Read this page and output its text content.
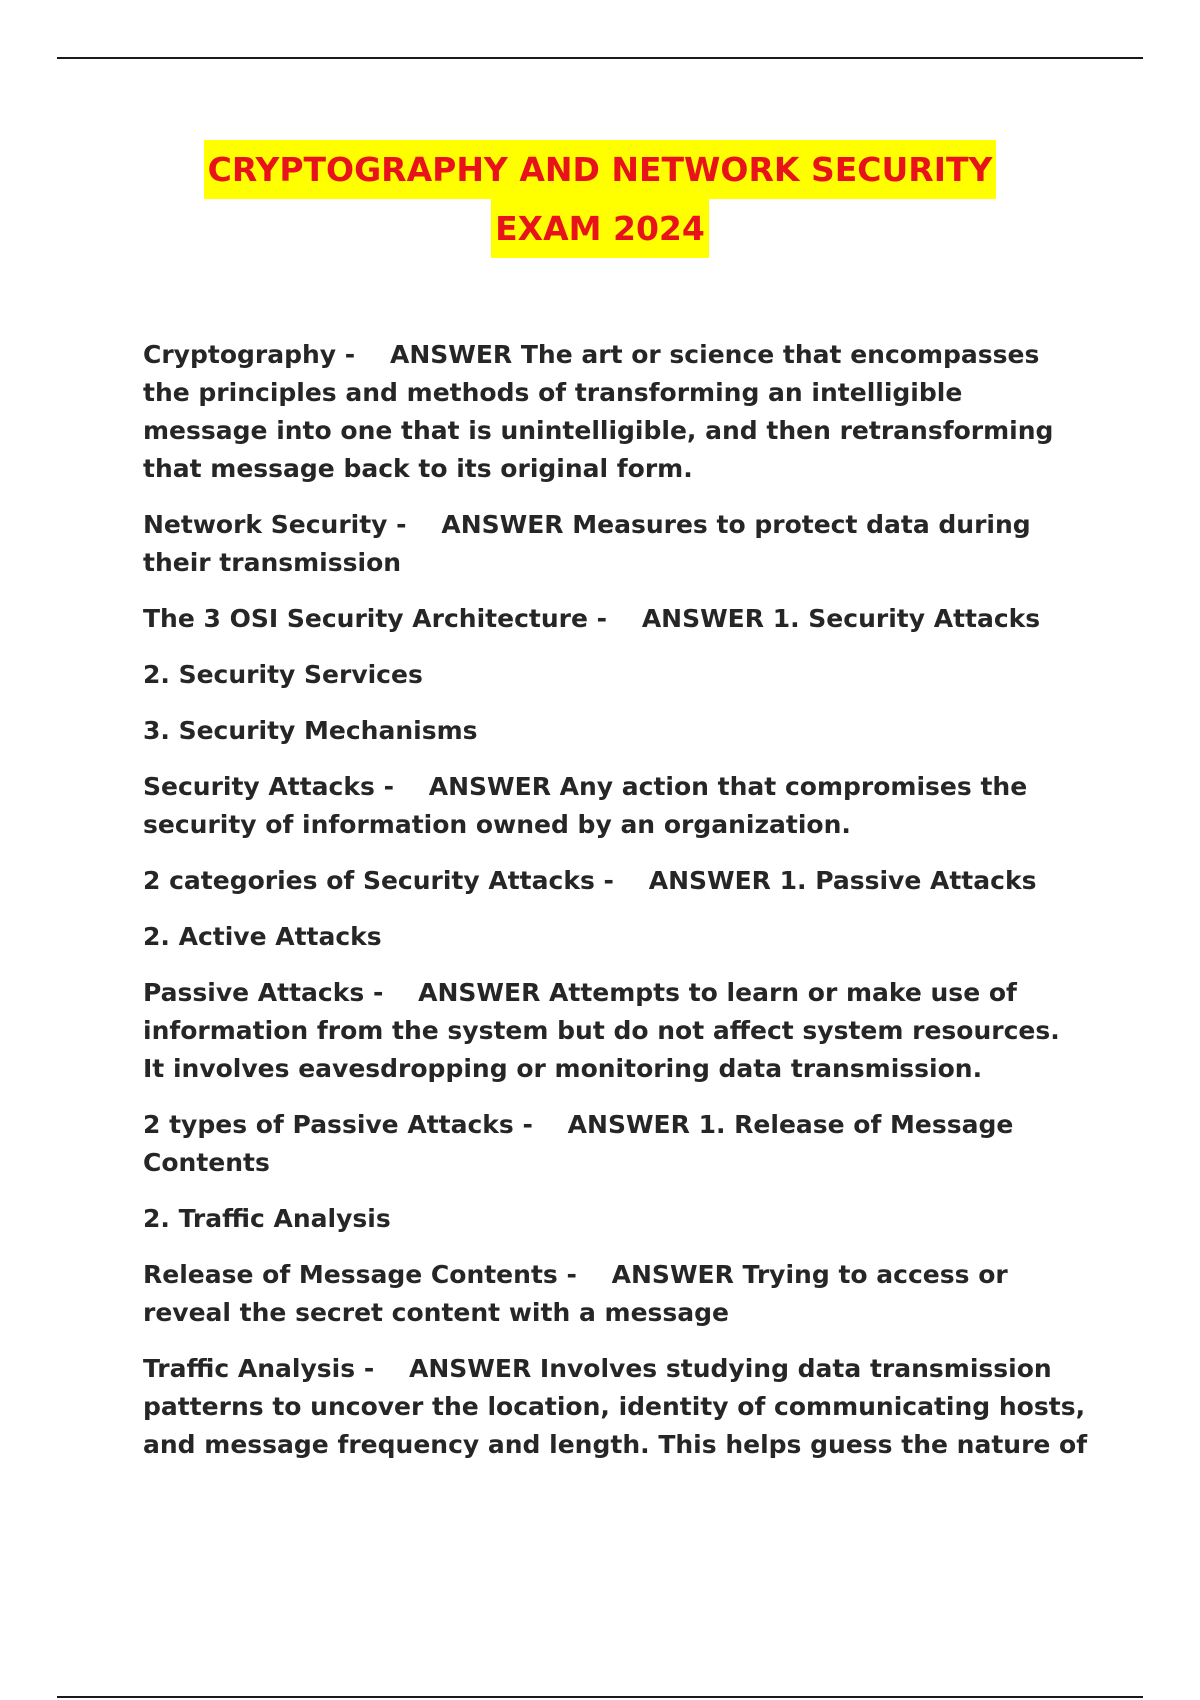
CRYPTOGRAPHY AND NETWORK SECURITY
EXAM 2024

Cryptography -    ANSWER The art or science that encompasses the principles and methods of transforming an intelligible message into one that is unintelligible, and then retransforming that message back to its original form.

Network Security -    ANSWER Measures to protect data during their transmission

The 3 OSI Security Architecture -    ANSWER 1. Security Attacks

2. Security Services

3. Security Mechanisms

Security Attacks -    ANSWER Any action that compromises the security of information owned by an organization.

2 categories of Security Attacks -    ANSWER 1. Passive Attacks

2. Active Attacks

Passive Attacks -    ANSWER Attempts to learn or make use of information from the system but do not affect system resources. It involves eavesdropping or monitoring data transmission.

2 types of Passive Attacks -    ANSWER 1. Release of Message Contents

2. Traffic Analysis

Release of Message Contents -    ANSWER Trying to access or reveal the secret content with a message

Traffic Analysis -    ANSWER Involves studying data transmission patterns to uncover the location, identity of communicating hosts, and message frequency and length. This helps guess the nature of
